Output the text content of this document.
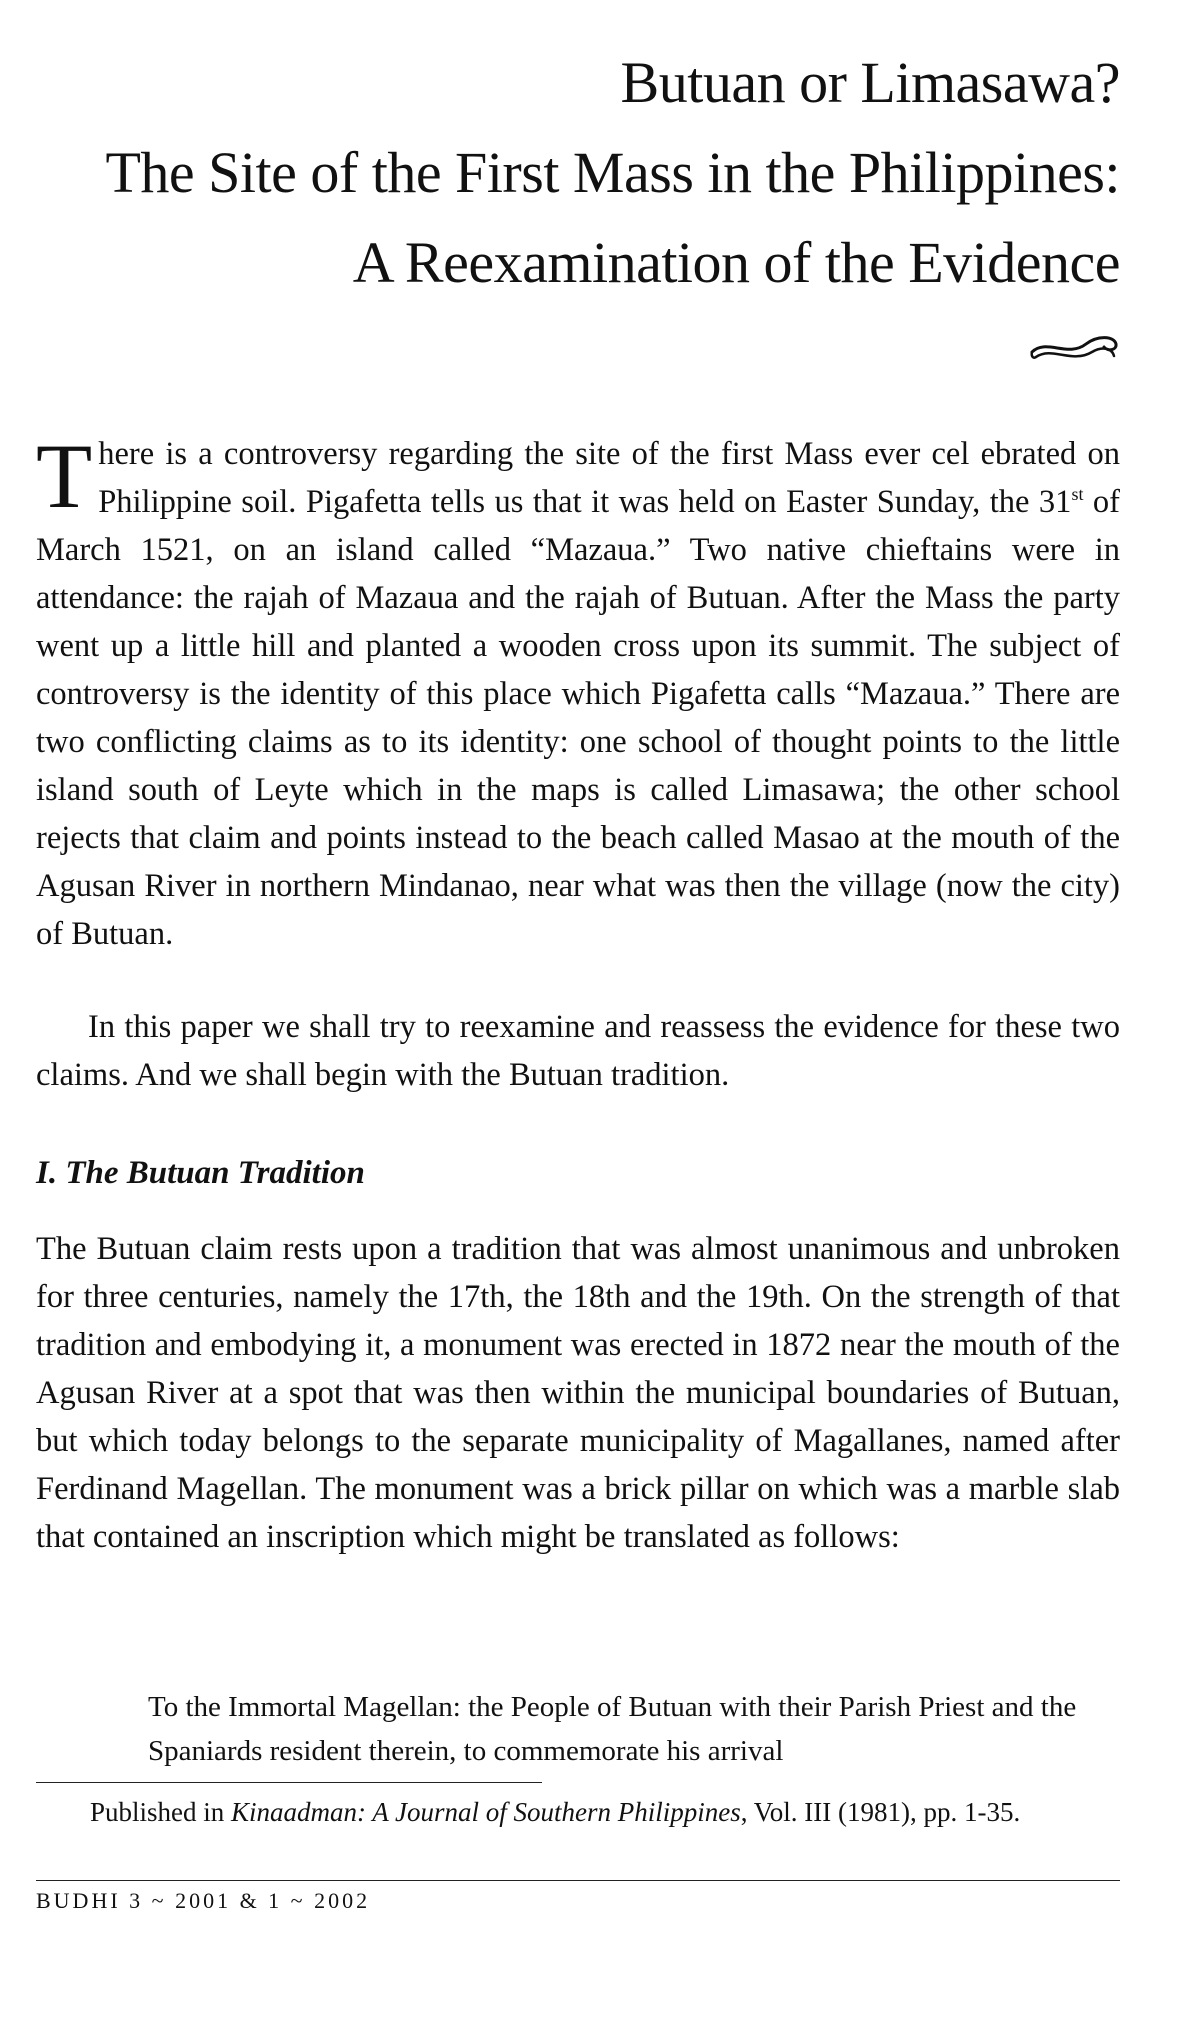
Butuan or Limasawa?
The Site of the First Mass in the Philippines:
A Reexamination of the Evidence

There is a controversy regarding the site of the first Mass ever cel ebrated on Philippine soil. Pigafetta tells us that it was held on Easter Sunday, the 31st of March 1521, on an island called “Mazaua.” Two native chieftains were in attendance: the rajah of Mazaua and the rajah of Butuan. After the Mass the party went up a little hill and planted a wooden cross upon its summit. The subject of controversy is the identity of this place which Pigafetta calls “Mazaua.” There are two conflicting claims as to its identity: one school of thought points to the little island south of Leyte which in the maps is called Limasawa; the other school rejects that claim and points instead to the beach called Masao at the mouth of the Agusan River in northern Mindanao, near what was then the village (now the city) of Butuan.

In this paper we shall try to reexamine and reassess the evidence for these two claims. And we shall begin with the Butuan tradition.
I. The Butuan Tradition
The Butuan claim rests upon a tradition that was almost unanimous and unbroken for three centuries, namely the 17th, the 18th and the 19th. On the strength of that tradition and embodying it, a monument was erected in 1872 near the mouth of the Agusan River at a spot that was then within the municipal boundaries of Butuan, but which today belongs to the separate municipality of Magallanes, named after Ferdinand Magellan. The monument was a brick pillar on which was a marble slab that contained an inscription which might be translated as follows:
To the Immortal Magellan: the People of Butuan with their Parish Priest and the Spaniards resident therein, to commemorate his arrival
Published in Kinaadman: A Journal of Southern Philippines, Vol. III (1981), pp. 1-35.
BUDHI 3 ~ 2001 & 1 ~ 2002
